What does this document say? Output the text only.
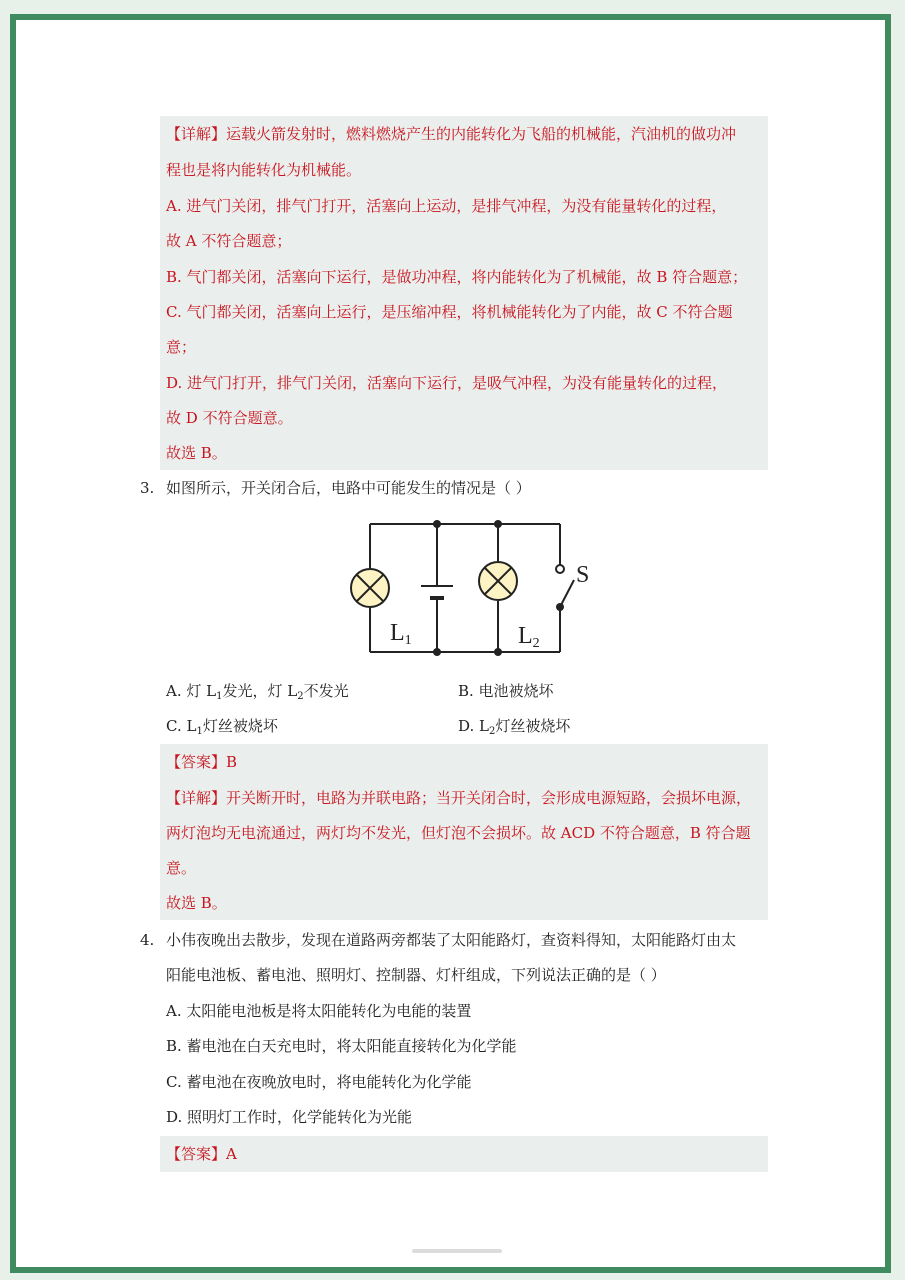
【详解】运载火箭发射时，燃料燃烧产生的内能转化为飞船的机械能，汽油机的做功冲
程也是将内能转化为机械能。
A. 进气门关闭，排气门打开，活塞向上运动，是排气冲程，为没有能量转化的过程，
故 A 不符合题意；
B. 气门都关闭，活塞向下运行，是做功冲程，将内能转化为了机械能，故 B 符合题意；
C. 气门都关闭，活塞向上运行，是压缩冲程，将机械能转化为了内能，故 C 不符合题
意；
D. 进气门打开，排气门关闭，活塞向下运行，是吸气冲程，为没有能量转化的过程，
故 D 不符合题意。
故选 B。
3. 如图所示，开关闭合后，电路中可能发生的情况是（ ）
S
L1	L2
A. 灯 $L_1$发光，灯 $L_2$不发光	B. 电池被烧坏
C. $L_1$灯丝被烧坏	D. $L_2$灯丝被烧坏
【答案】B
【详解】开关断开时，电路为并联电路；当开关闭合时，会形成电源短路，会损坏电源，
两灯泡均无电流通过，两灯均不发光，但灯泡不会损坏。故 ACD 不符合题意，B 符合题
意。
故选 B。
4. 小伟夜晚出去散步，发现在道路两旁都装了太阳能路灯，查资料得知，太阳能路灯由太
阳能电池板、蓄电池、照明灯、控制器、灯杆组成，下列说法正确的是（ ）
A. 太阳能电池板是将太阳能转化为电能的装置
B. 蓄电池在白天充电时，将太阳能直接转化为化学能
C. 蓄电池在夜晚放电时，将电能转化为化学能
D. 照明灯工作时，化学能转化为光能
【答案】A
